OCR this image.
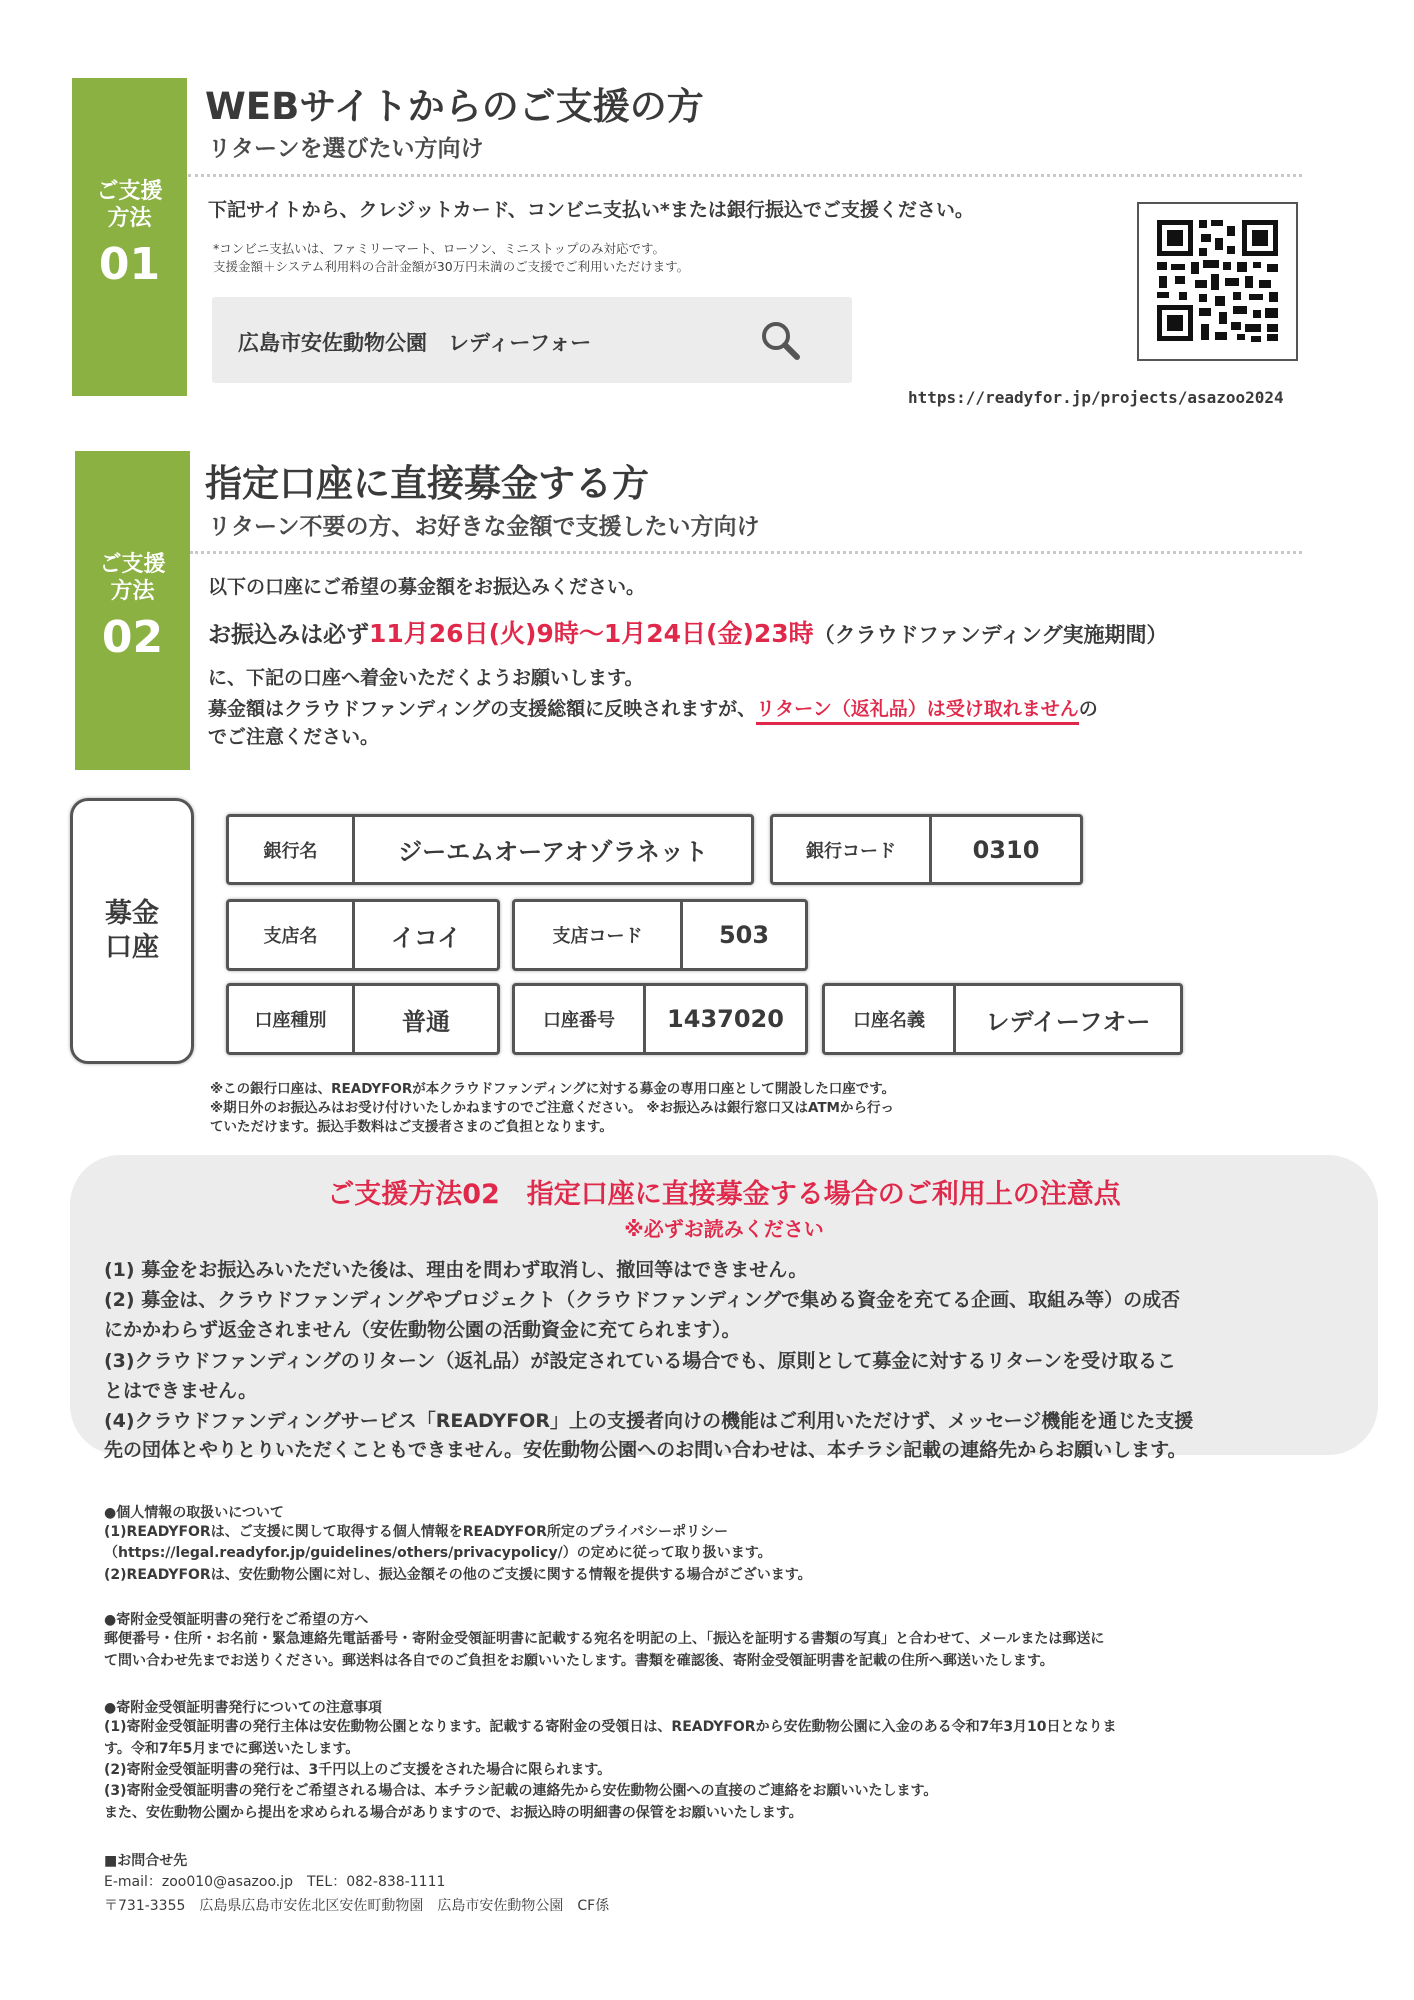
ご支援
方法
01
WEBサイトからのご支援の方
リターンを選びたい方向け
下記サイトから、クレジットカード、コンビニ支払い*または銀行振込でご支援ください。
*コンビニ支払いは、ファミリーマート、ローソン、ミニストップのみ対応です。
支援金額＋システム利用料の合計金額が30万円未満のご支援でご利用いただけます。
広島市安佐動物公園　レディーフォー
https://readyfor.jp/projects/asazoo2024
ご支援
方法
02
指定口座に直接募金する方
リターン不要の方、お好きな金額で支援したい方向け
以下の口座にご希望の募金額をお振込みください。
お振込みは必ず11月26日(火)9時〜1月24日(金)23時（クラウドファンディング実施期間）
に、下記の口座へ着金いただくようお願いします。
募金額はクラウドファンディングの支援総額に反映されますが、リターン（返礼品）は受け取れませんの
でご注意ください。
募金
口座
銀行名	ジーエムオーアオゾラネット	銀行コード	0310
支店名	イコイ	支店コード	503
口座種別	普通	口座番号	1437020	口座名義	レデイーフオー
※この銀行口座は、READYFORが本クラウドファンディングに対する募金の専用口座として開設した口座です。
※期日外のお振込みはお受け付けいたしかねますのでご注意ください。 ※お振込みは銀行窓口又はATMから行っ
ていただけます。振込手数料はご支援者さまのご負担となります。
ご支援方法02　指定口座に直接募金する場合のご利用上の注意点
※必ずお読みください
(1) 募金をお振込みいただいた後は、理由を問わず取消し、撤回等はできません。
(2) 募金は、クラウドファンディングやプロジェクト（クラウドファンディングで集める資金を充てる企画、取組み等）の成否
にかかわらず返金されません（安佐動物公園の活動資金に充てられます）。
(3)クラウドファンディングのリターン（返礼品）が設定されている場合でも、原則として募金に対するリターンを受け取るこ
とはできません。
(4)クラウドファンディングサービス「READYFOR」上の支援者向けの機能はご利用いただけず、メッセージ機能を通じた支援
先の団体とやりとりいただくこともできません。安佐動物公園へのお問い合わせは、本チラシ記載の連絡先からお願いします。
●個人情報の取扱いについて
(1)READYFORは、ご支援に関して取得する個人情報をREADYFOR所定のプライバシーポリシー
（https://legal.readyfor.jp/guidelines/others/privacypolicy/）の定めに従って取り扱います。
(2)READYFORは、安佐動物公園に対し、振込金額その他のご支援に関する情報を提供する場合がございます。
●寄附金受領証明書の発行をご希望の方へ
郵便番号・住所・お名前・緊急連絡先電話番号・寄附金受領証明書に記載する宛名を明記の上、「振込を証明する書類の写真」と合わせて、メールまたは郵送に
て問い合わせ先までお送りください。郵送料は各自でのご負担をお願いいたします。書類を確認後、寄附金受領証明書を記載の住所へ郵送いたします。
●寄附金受領証明書発行についての注意事項
(1)寄附金受領証明書の発行主体は安佐動物公園となります。記載する寄附金の受領日は、READYFORから安佐動物公園に入金のある令和7年3月10日となりま
す。令和7年5月までに郵送いたします。
(2)寄附金受領証明書の発行は、3千円以上のご支援をされた場合に限られます。
(3)寄附金受領証明書の発行をご希望される場合は、本チラシ記載の連絡先から安佐動物公園への直接のご連絡をお願いいたします。
また、安佐動物公園から提出を求められる場合がありますので、お振込時の明細書の保管をお願いいたします。
■お問合せ先
E-mail：zoo010@asazoo.jp　TEL：082-838-1111
〒731-3355　広島県広島市安佐北区安佐町動物園　広島市安佐動物公園　CF係
